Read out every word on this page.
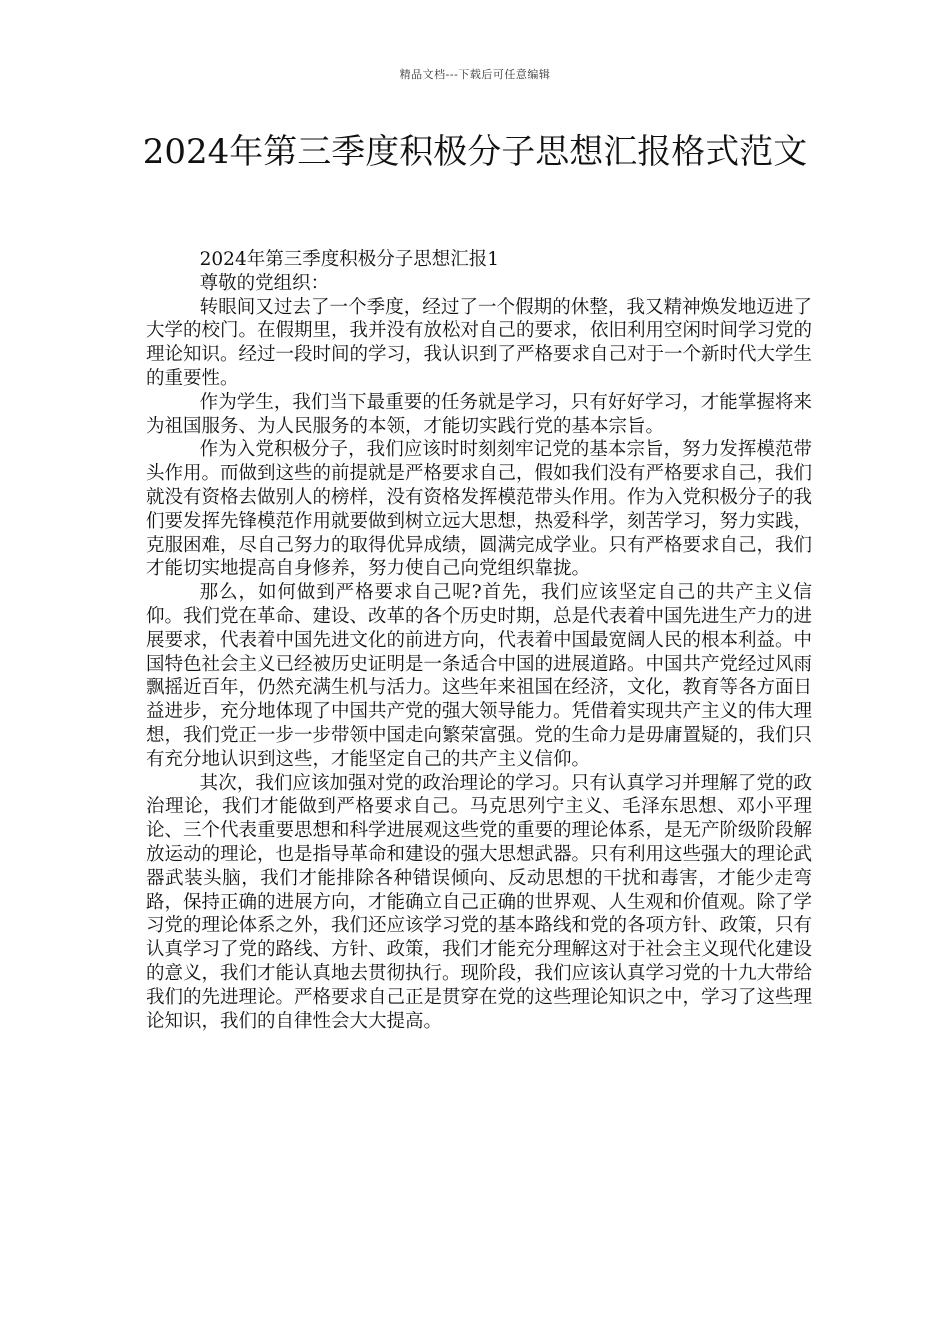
精品文档---下载后可任意编辑
2024年第三季度积极分子思想汇报格式范文

2024年第三季度积极分子思想汇报1

尊敬的党组织：

转眼间又过去了一个季度，经过了一个假期的休整，我又精神焕发地迈进了大学的校门。在假期里，我并没有放松对自己的要求，依旧利用空闲时间学习党的理论知识。经过一段时间的学习，我认识到了严格要求自己对于一个新时代大学生的重要性。

作为学生，我们当下最重要的任务就是学习，只有好好学习，才能掌握将来为祖国服务、为人民服务的本领，才能切实践行党的基本宗旨。

作为入党积极分子，我们应该时时刻刻牢记党的基本宗旨，努力发挥模范带头作用。而做到这些的前提就是严格要求自己，假如我们没有严格要求自己，我们就没有资格去做别人的榜样，没有资格发挥模范带头作用。作为入党积极分子的我们要发挥先锋模范作用就要做到树立远大思想，热爱科学，刻苦学习，努力实践，克服困难，尽自己努力的取得优异成绩，圆满完成学业。只有严格要求自己，我们才能切实地提高自身修养，努力使自己向党组织靠拢。

那么，如何做到严格要求自己呢?首先，我们应该坚定自己的共产主义信仰。我们党在革命、建设、改革的各个历史时期，总是代表着中国先进生产力的进展要求，代表着中国先进文化的前进方向，代表着中国最宽阔人民的根本利益。中国特色社会主义已经被历史证明是一条适合中国的进展道路。中国共产党经过风雨飘摇近百年，仍然充满生机与活力。这些年来祖国在经济，文化，教育等各方面日益进步，充分地体现了中国共产党的强大领导能力。凭借着实现共产主义的伟大理想，我们党正一步一步带领中国走向繁荣富强。党的生命力是毋庸置疑的，我们只有充分地认识到这些，才能坚定自己的共产主义信仰。

其次，我们应该加强对党的政治理论的学习。只有认真学习并理解了党的政治理论，我们才能做到严格要求自己。马克思列宁主义、毛泽东思想、邓小平理论、三个代表重要思想和科学进展观这些党的重要的理论体系，是无产阶级阶段解放运动的理论，也是指导革命和建设的强大思想武器。只有利用这些强大的理论武器武装头脑，我们才能排除各种错误倾向、反动思想的干扰和毒害，才能少走弯路，保持正确的进展方向，才能确立自己正确的世界观、人生观和价值观。除了学习党的理论体系之外，我们还应该学习党的基本路线和党的各项方针、政策，只有认真学习了党的路线、方针、政策，我们才能充分理解这对于社会主义现代化建设的意义，我们才能认真地去贯彻执行。现阶段，我们应该认真学习党的十九大带给我们的先进理论。严格要求自己正是贯穿在党的这些理论知识之中，学习了这些理论知识，我们的自律性会大大提高。
